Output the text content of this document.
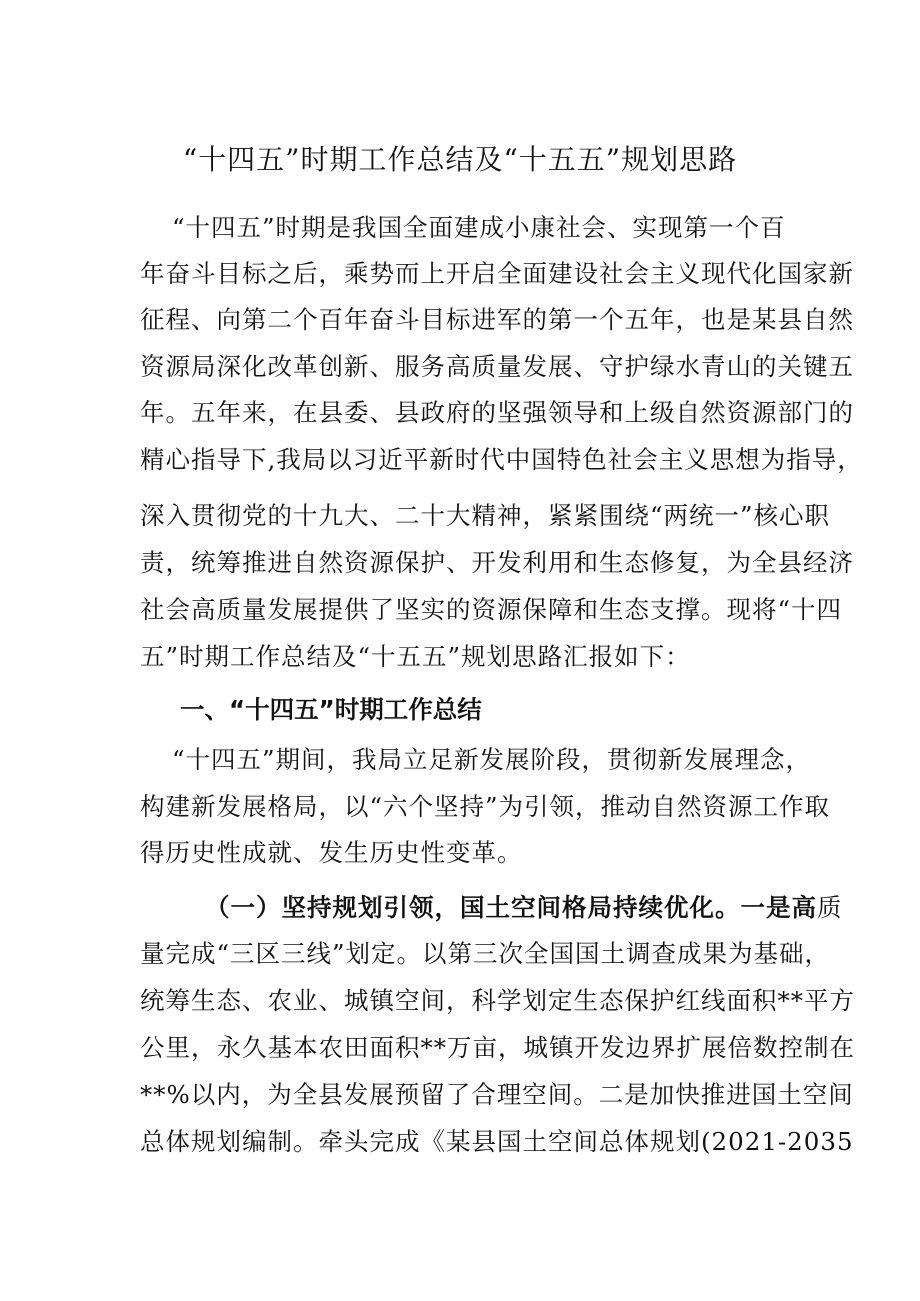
“十四五”时期工作总结及“十五五”规划思路
“十四五”时期是我国全面建成小康社会、实现第一个百
年奋斗目标之后，乘势而上开启全面建设社会主义现代化国家新
征程、向第二个百年奋斗目标进军的第一个五年，也是某县自然
资源局深化改革创新、服务高质量发展、守护绿水青山的关键五
年。五年来，在县委、县政府的坚强领导和上级自然资源部门的
精心指导下,我局以习近平新时代中国特色社会主义思想为指导，
深入贯彻党的十九大、二十大精神，紧紧围绕“两统一”核心职
责，统筹推进自然资源保护、开发利用和生态修复，为全县经济
社会高质量发展提供了坚实的资源保障和生态支撑。现将“十四
五”时期工作总结及“十五五”规划思路汇报如下：
一、“十四五”时期工作总结
“十四五”期间，我局立足新发展阶段，贯彻新发展理念，
构建新发展格局，以“六个坚持”为引领，推动自然资源工作取
得历史性成就、发生历史性变革。
（一）坚持规划引领，国土空间格局持续优化。一是高质
量完成“三区三线”划定。以第三次全国国土调查成果为基础，
统筹生态、农业、城镇空间，科学划定生态保护红线面积**平方
公里，永久基本农田面积**万亩，城镇开发边界扩展倍数控制在
**%以内，为全县发展预留了合理空间。二是加快推进国土空间
总体规划编制。牵头完成《某县国土空间总体规划(2021-2035
